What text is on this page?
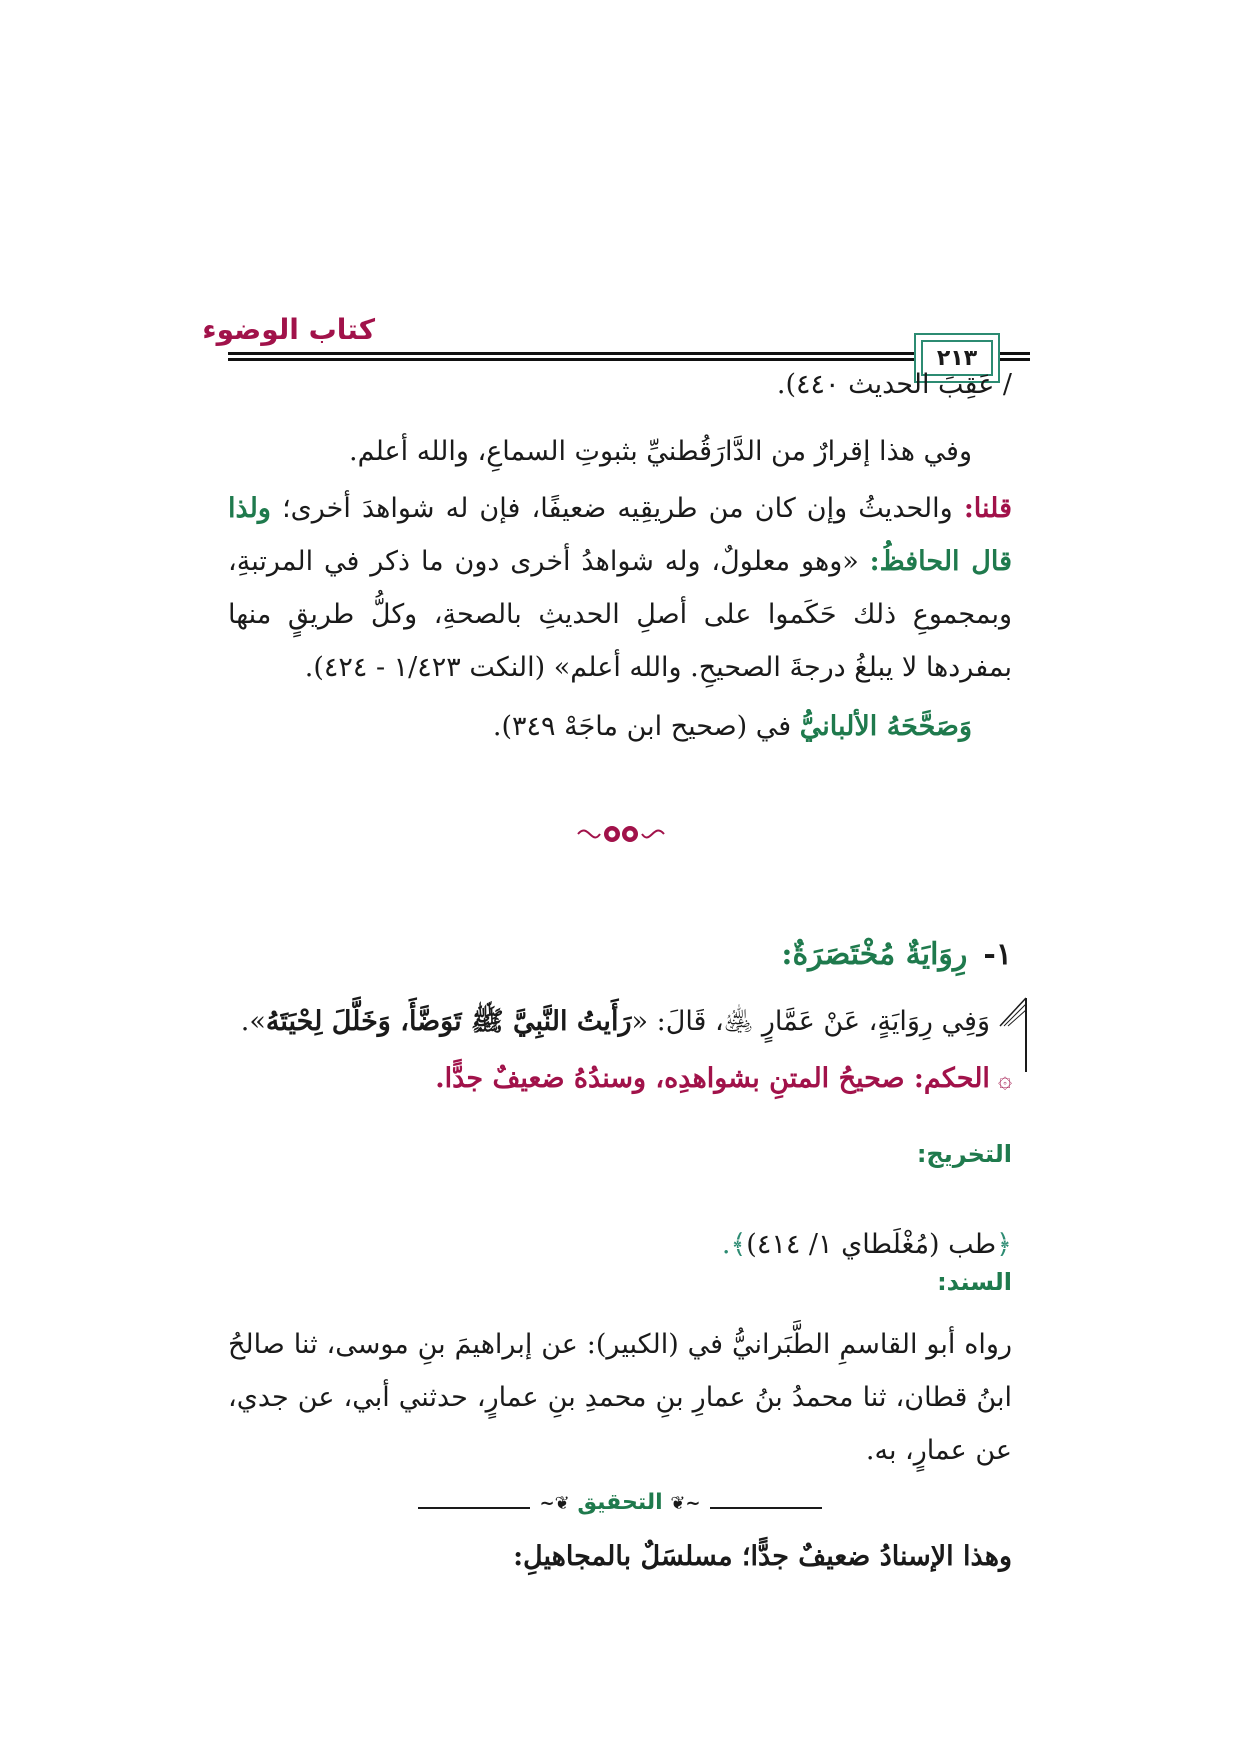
كتاب الوضوء
٢١٣
/ عَقِبَ الحديث ٤٤٠).
وفي هذا إقرارٌ من الدَّارَقُطنيِّ بثبوتِ السماعِ، والله أعلم.
قلنا: والحديثُ وإن كان من طريقِيه ضعيفًا، فإن له شواهدَ أخرى؛ ولذا قال الحافظُ: «وهو معلولٌ، وله شواهدُ أخرى دون ما ذكر في المرتبةِ، وبمجموعِ ذلك حَكَموا على أصلِ الحديثِ بالصحةِ، وكلُّ طريقٍ منها بمفردها لا يبلغُ درجةَ الصحيحِ. والله أعلم» (النكت ١/٤٢٣ - ٤٢٤).
وَصَحَّحَهُ الألبانيُّ في (صحيح ابن ماجَهْ ٣٤٩).
١-رِوَايَةٌ مُخْتَصَرَةٌ:
وَفِي رِوَايَةٍ، عَنْ عَمَّارٍ ﵁، قَالَ: «رَأَيتُ النَّبِيَّ ﷺ تَوَضَّأَ، وَخَلَّلَ لِحْيَتَهُ».
۞الحكم: صحيحُ المتنِ بشواهدِه، وسندُهُ ضعيفٌ جدًّا.
التخريج:
﴿طب (مُغْلَطاي ١/ ٤١٤)﴾.
السند:
رواه أبو القاسمِ الطَّبَرانيُّ في (الكبير): عن إبراهيمَ بنِ موسى، ثنا صالحُ ابنُ قطان، ثنا محمدُ بنُ عمارِ بنِ محمدِ بنِ عمارٍ، حدثني أبي، عن جدي، عن عمارٍ، به.
∽❦ التحقيق ❦∽
وهذا الإسنادُ ضعيفٌ جدًّا؛ مسلسَلٌ بالمجاهيلِ:
